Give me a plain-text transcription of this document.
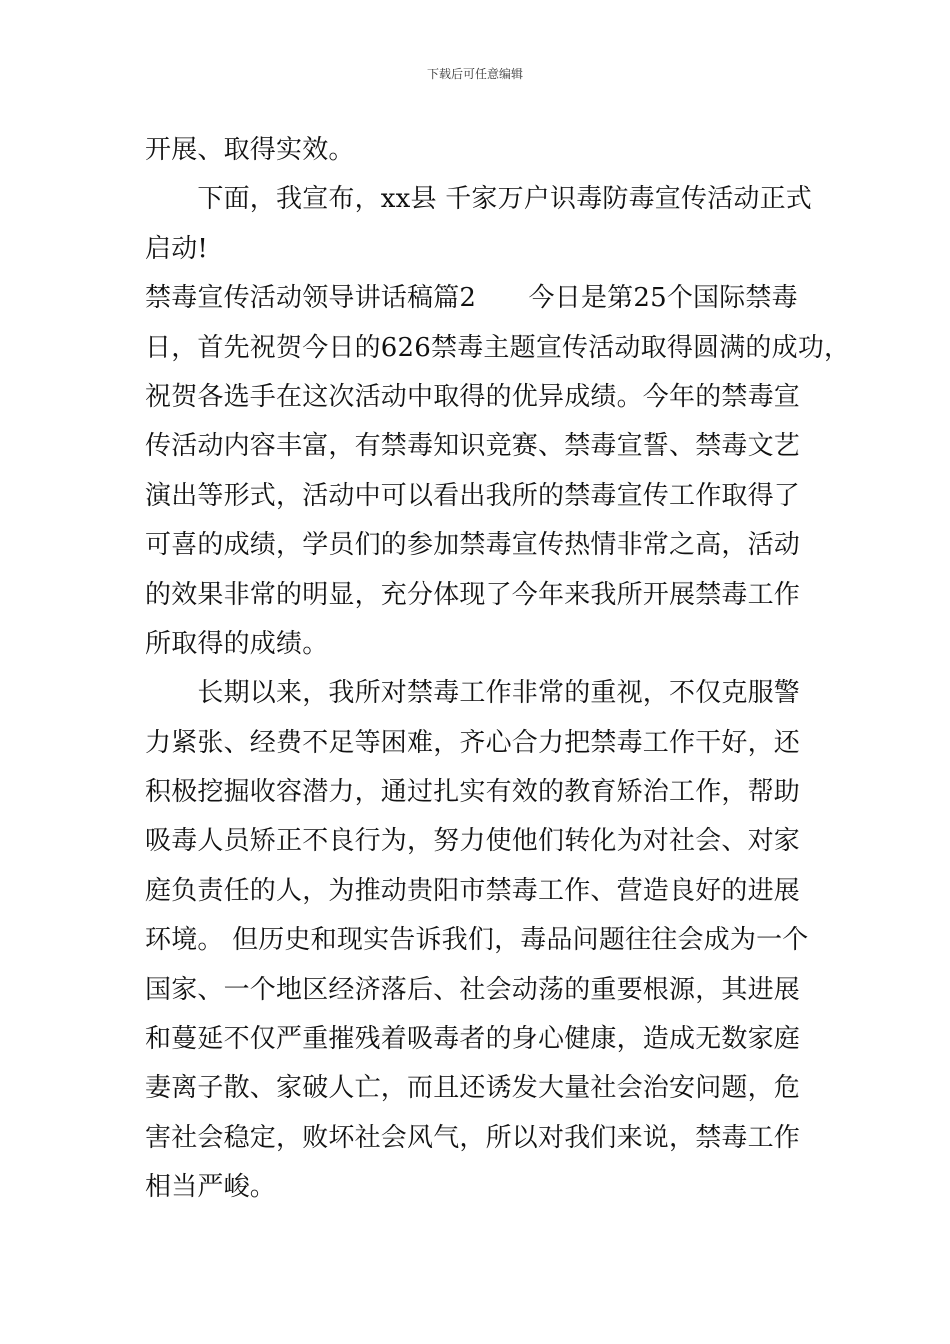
下载后可任意编辑
开展、取得实效。
　　下面，我宣布，xx县 千家万户识毒防毒宣传活动正式
启动!
禁毒宣传活动领导讲话稿篇2　　今日是第25个国际禁毒
日，首先祝贺今日的626禁毒主题宣传活动取得圆满的成功，
祝贺各选手在这次活动中取得的优异成绩。今年的禁毒宣
传活动内容丰富，有禁毒知识竞赛、禁毒宣誓、禁毒文艺
演出等形式，活动中可以看出我所的禁毒宣传工作取得了
可喜的成绩，学员们的参加禁毒宣传热情非常之高，活动
的效果非常的明显，充分体现了今年来我所开展禁毒工作
所取得的成绩。
　　长期以来，我所对禁毒工作非常的重视，不仅克服警
力紧张、经费不足等困难，齐心合力把禁毒工作干好，还
积极挖掘收容潜力，通过扎实有效的教育矫治工作，帮助
吸毒人员矫正不良行为，努力使他们转化为对社会、对家
庭负责任的人，为推动贵阳市禁毒工作、营造良好的进展
环境。 但历史和现实告诉我们，毒品问题往往会成为一个
国家、一个地区经济落后、社会动荡的重要根源，其进展
和蔓延不仅严重摧残着吸毒者的身心健康，造成无数家庭
妻离子散、家破人亡，而且还诱发大量社会治安问题，危
害社会稳定，败坏社会风气，所以对我们来说，禁毒工作
相当严峻。
